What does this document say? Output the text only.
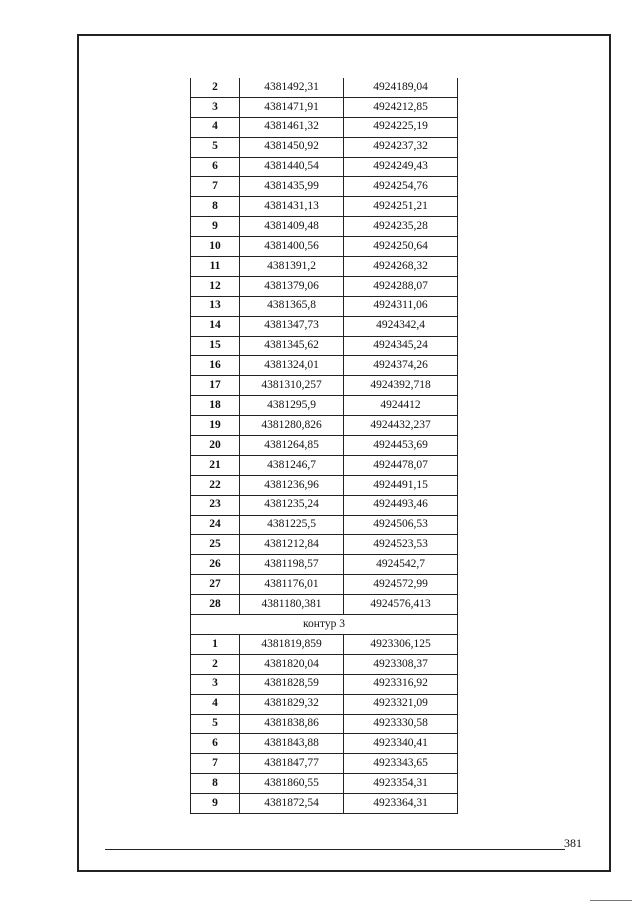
2	4381492,31	4924189,04
3	4381471,91	4924212,85
4	4381461,32	4924225,19
5	4381450,92	4924237,32
6	4381440,54	4924249,43
7	4381435,99	4924254,76
8	4381431,13	4924251,21
9	4381409,48	4924235,28
10	4381400,56	4924250,64
11	4381391,2	4924268,32
12	4381379,06	4924288,07
13	4381365,8	4924311,06
14	4381347,73	4924342,4
15	4381345,62	4924345,24
16	4381324,01	4924374,26
17	4381310,257	4924392,718
18	4381295,9	4924412
19	4381280,826	4924432,237
20	4381264,85	4924453,69
21	4381246,7	4924478,07
22	4381236,96	4924491,15
23	4381235,24	4924493,46
24	4381225,5	4924506,53
25	4381212,84	4924523,53
26	4381198,57	4924542,7
27	4381176,01	4924572,99
28	4381180,381	4924576,413
контур 3		
1	4381819,859	4923306,125
2	4381820,04	4923308,37
3	4381828,59	4923316,92
4	4381829,32	4923321,09
5	4381838,86	4923330,58
6	4381843,88	4923340,41
7	4381847,77	4923343,65
8	4381860,55	4923354,31
9	4381872,54	4923364,31
381
